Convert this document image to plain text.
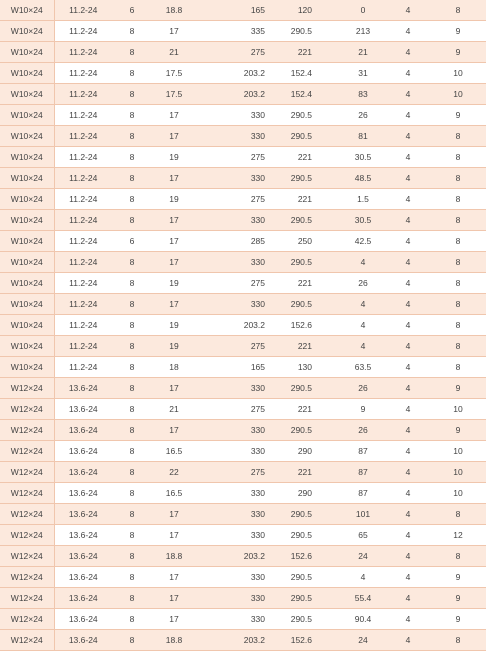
W10×24	11.2-24	6	18.8	165	120	0	4	8
W10×24	11.2-24	8	17	335	290.5	213	4	9
W10×24	11.2-24	8	21	275	221	21	4	9
W10×24	11.2-24	8	17.5	203.2	152.4	31	4	10
W10×24	11.2-24	8	17.5	203.2	152.4	83	4	10
W10×24	11.2-24	8	17	330	290.5	26	4	9
W10×24	11.2-24	8	17	330	290.5	81	4	8
W10×24	11.2-24	8	19	275	221	30.5	4	8
W10×24	11.2-24	8	17	330	290.5	48.5	4	8
W10×24	11.2-24	8	19	275	221	1.5	4	8
W10×24	11.2-24	8	17	330	290.5	30.5	4	8
W10×24	11.2-24	6	17	285	250	42.5	4	8
W10×24	11.2-24	8	17	330	290.5	4	4	8
W10×24	11.2-24	8	19	275	221	26	4	8
W10×24	11.2-24	8	17	330	290.5	4	4	8
W10×24	11.2-24	8	19	203.2	152.6	4	4	8
W10×24	11.2-24	8	19	275	221	4	4	8
W10×24	11.2-24	8	18	165	130	63.5	4	8
W12×24	13.6-24	8	17	330	290.5	26	4	9
W12×24	13.6-24	8	21	275	221	9	4	10
W12×24	13.6-24	8	17	330	290.5	26	4	9
W12×24	13.6-24	8	16.5	330	290	87	4	10
W12×24	13.6-24	8	22	275	221	87	4	10
W12×24	13.6-24	8	16.5	330	290	87	4	10
W12×24	13.6-24	8	17	330	290.5	101	4	8
W12×24	13.6-24	8	17	330	290.5	65	4	12
W12×24	13.6-24	8	18.8	203.2	152.6	24	4	8
W12×24	13.6-24	8	17	330	290.5	4	4	9
W12×24	13.6-24	8	17	330	290.5	55.4	4	9
W12×24	13.6-24	8	17	330	290.5	90.4	4	9
W12×24	13.6-24	8	18.8	203.2	152.6	24	4	8
